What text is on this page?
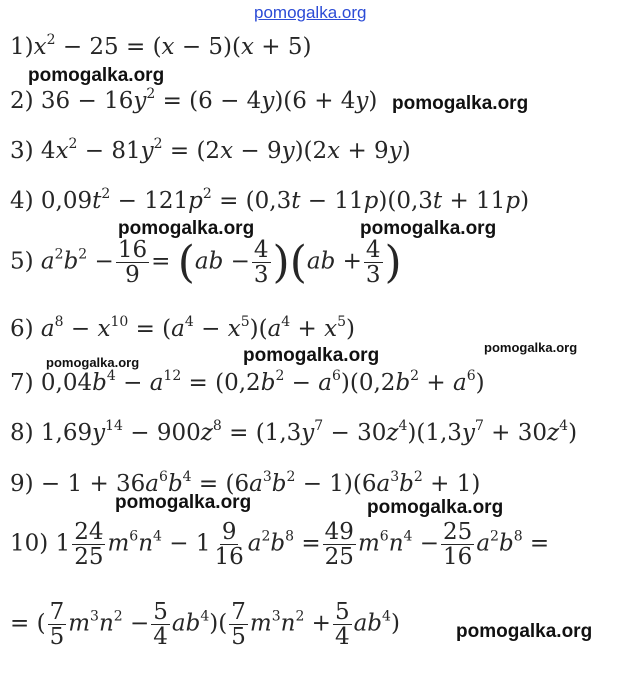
pomogalka.org
$1)x^2 - 25 = (x - 5)(x + 5)$
pomogalka.org
2) $36 - 16y^2 = (6 - 4y)(6 + 4y)$ pomogalka.org
3) $4x^2 - 81y^2 = (2x - 9y)(2x + 9y)$
4) $0,09t^2 - 121p^2 = (0,3t - 11p)(0,3t + 11p)$
pomogalka.org	pomogalka.org
5) $a^2b^2 - \frac{16}{9} = (ab - \frac{4}{3} )(ab + \frac{4}{3}$ )
6) $a^8 - x^{10} = (a^4 - x^5)(a^4 + x^5)$
pomogalka.org	pomogalka.org	pomogalka.org
7) $0,04b^4 - a^{12} = (0,2b^2 - a^6)(0,2b^2 + a^6)$
8) $1,69y^{14} - 900z^8 = (1,3y^7 - 30z^4)(1,3y^7 + 30z^4)$
$9) - 1 + 36a^6b^4 = (6a^3b^2 - 1)(6a^3b^2 + 1)$
pomogalka.org	pomogalka.org
10) $1 \frac{24}{25} m^6n^4 - 1 \frac{9}{16} a^2b^8 = \frac{49}{25} m^6n^4 - \frac{25}{16} a^2b^8$ =
= ( $\frac{7}{5} m^3n^2 - \frac{5}{4} ab^4)( \frac{7}{5} m^3n^2 + \frac{5}{4} ab^4)$	pomogalka.org
